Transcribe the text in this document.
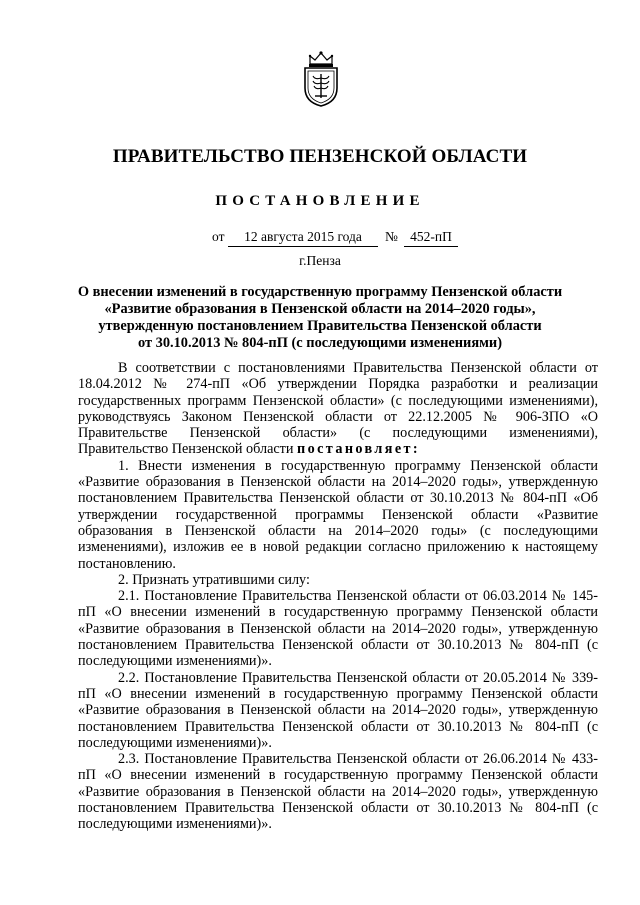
ПРАВИТЕЛЬСТВО ПЕНЗЕНСКОЙ ОБЛАСТИ
ПОСТАНОВЛЕНИЕ
от	12 августа 2015 года	№ 452-пП
г.Пенза
О внесении изменений в государственную программу Пензенской области
«Развитие образования в Пензенской области на 2014–2020 годы»,
утвержденную постановлением Правительства Пензенской области
от 30.10.2013 № 804-пП (с последующими изменениями)

В соответствии с постановлениями Правительства Пензенской области от 18.04.2012 № 274-пП «Об утверждении Порядка разработки и реализации государственных программ Пензенской области» (с последующими изменениями), руководствуясь Законом Пензенской области от 22.12.2005 № 906-ЗПО «О Правительстве Пензенской области» (с последующими изменениями), Правительство Пензенской области постановляет:

1. Внести изменения в государственную программу Пензенской области «Развитие образования в Пензенской области на 2014–2020 годы», утвержденную постановлением Правительства Пензенской области от 30.10.2013 № 804-пП «Об утверждении государственной программы Пензенской области «Развитие образования в Пензенской области на 2014–2020 годы» (с последующими изменениями), изложив ее в новой редакции согласно приложению к настоящему постановлению.

2. Признать утратившими силу:

2.1. Постановление Правительства Пензенской области от 06.03.2014 № 145-пП «О внесении изменений в государственную программу Пензенской области «Развитие образования в Пензенской области на 2014–2020 годы», утвержденную постановлением Правительства Пензенской области от 30.10.2013 № 804-пП (с последующими изменениями)».

2.2. Постановление Правительства Пензенской области от 20.05.2014 № 339-пП «О внесении изменений в государственную программу Пензенской области «Развитие образования в Пензенской области на 2014–2020 годы», утвержденную постановлением Правительства Пензенской области от 30.10.2013 № 804-пП (с последующими изменениями)».

2.3. Постановление Правительства Пензенской области от 26.06.2014 № 433-пП «О внесении изменений в государственную программу Пензенской области «Развитие образования в Пензенской области на 2014–2020 годы», утвержденную постановлением Правительства Пензенской области от 30.10.2013 № 804-пП (с последующими изменениями)».
